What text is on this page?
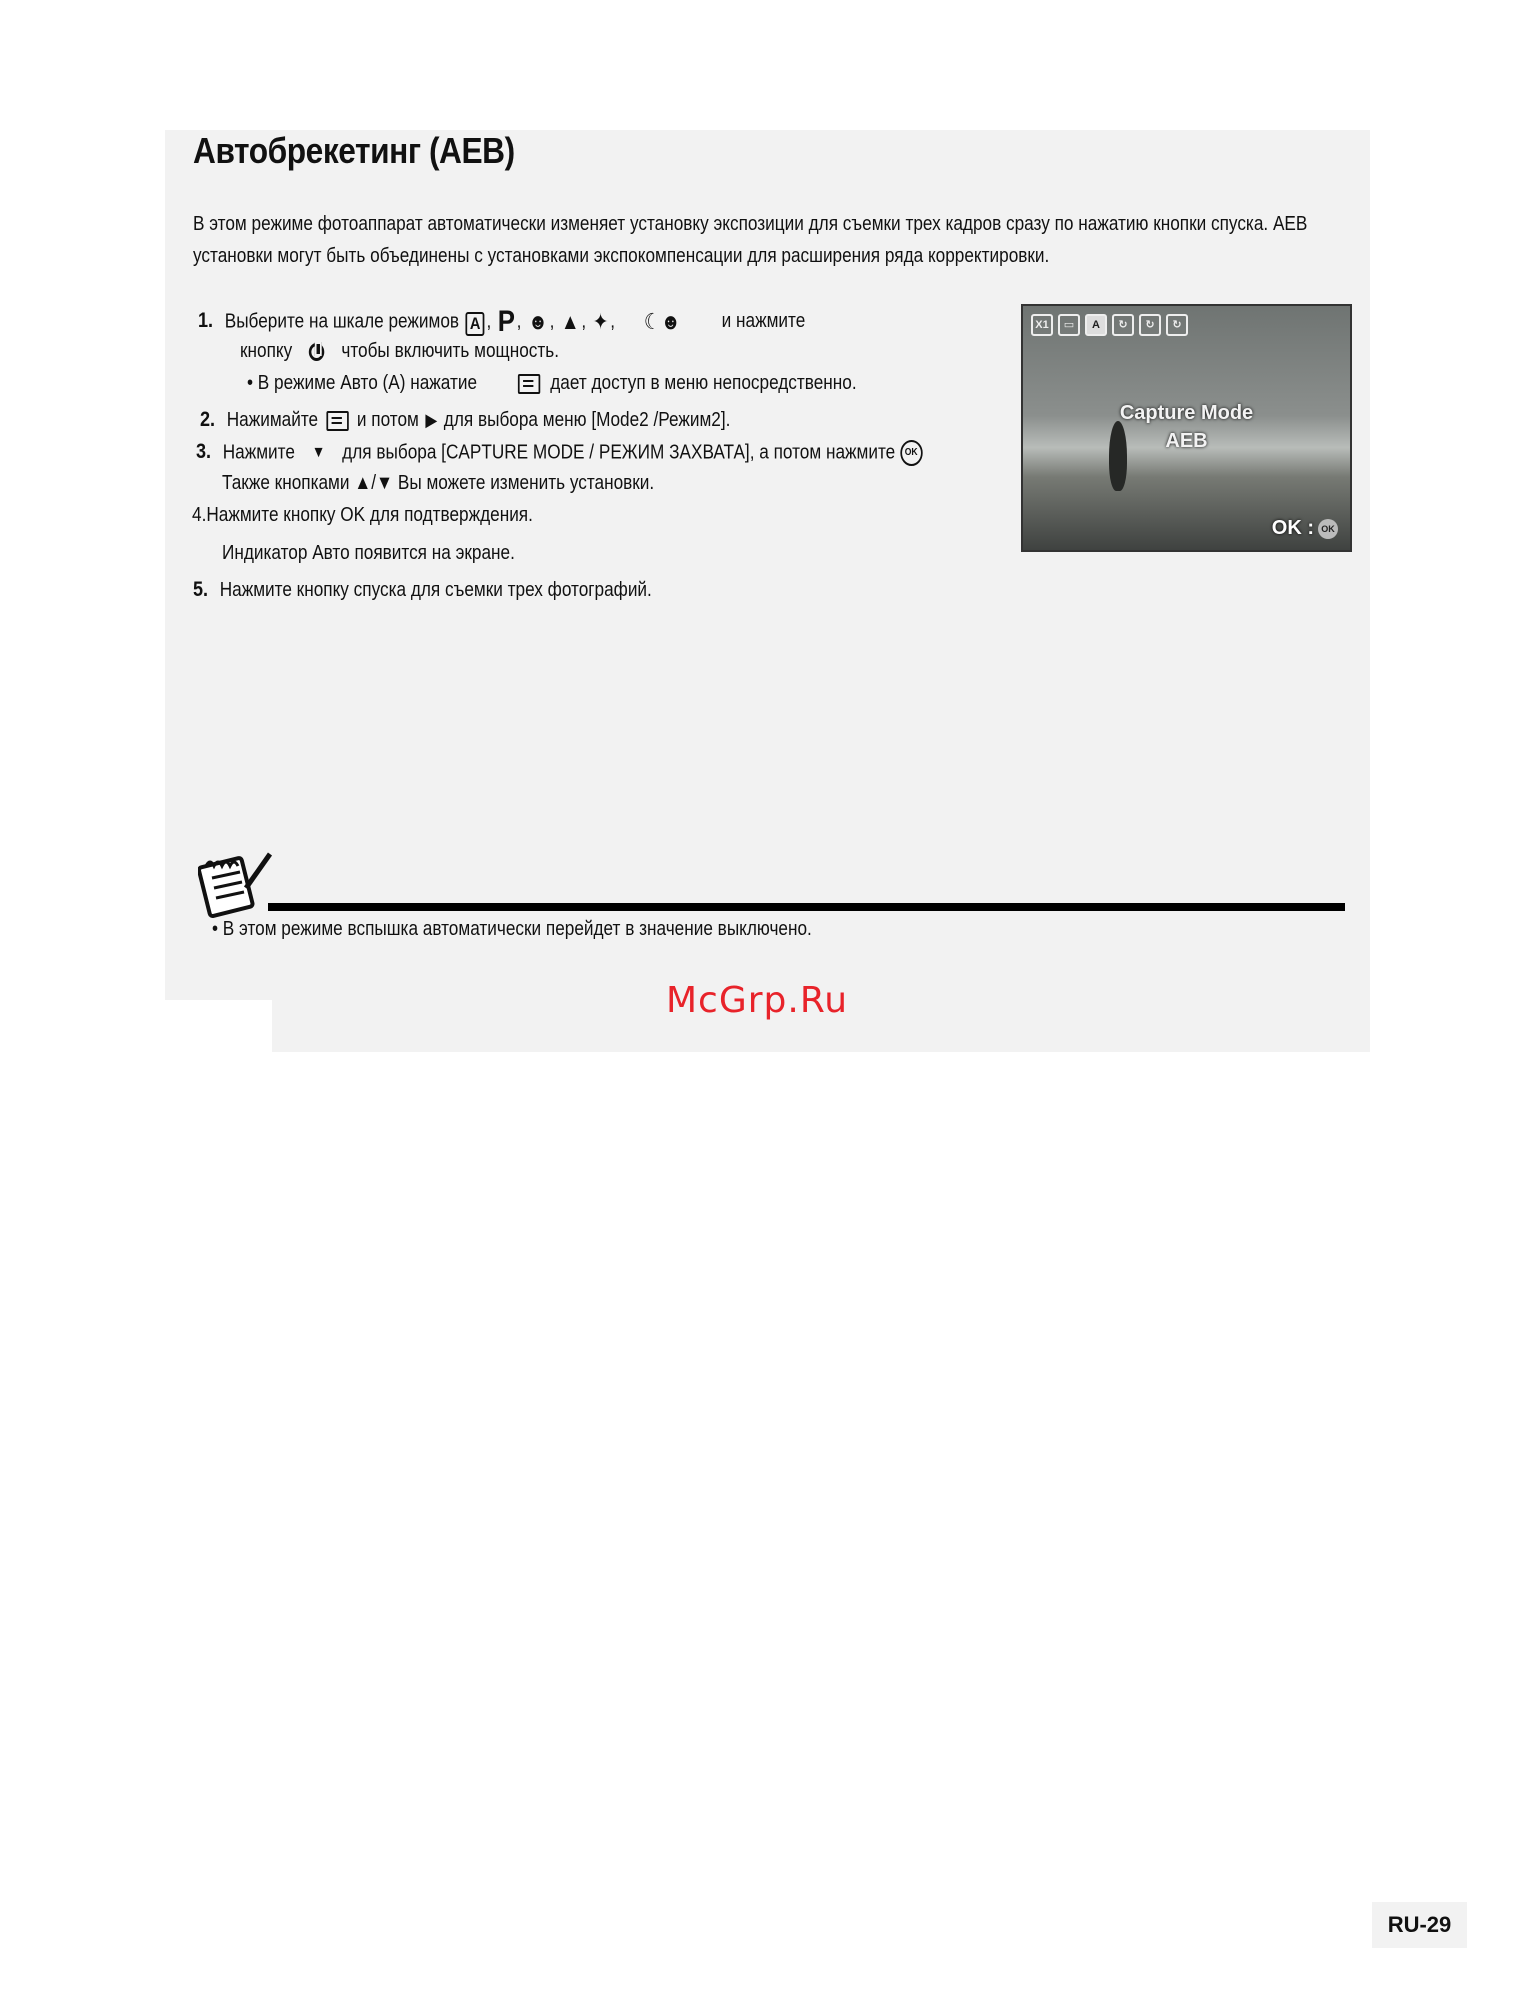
Автобрекетинг (AEB)
В этом режиме фотоаппарат автоматически изменяет установку экспозиции для съемки трех кадров сразу по нажатию кнопки спуска. AEB установки могут быть объединены с установками экспокомпенсации для расширения ряда корректировки.
1. Выберите на шкале режимов A , P, ☻, ▲, ✦, ☾☻ и нажмите
кнопку чтобы включить мощность.
• В режиме Авто (A) нажатие	дает доступ в меню непосредственно.
2. Нажимайте и потом ▶ для выбора меню [Mode2 /Режим2].
3. Нажмите ▼ для выбора [CAPTURE MODE / РЕЖИМ ЗАХВАТА], а потом нажмите OK
Также кнопками ▲/▼ Вы можете изменить установки.
4.Нажмите кнопку OK для подтверждения.
Индикатор Авто появится на экране.
5. Нажмите кнопку спуска для съемки трех фотографий.
X1	▭	A	↻	↻	↻
Capture Mode
AEB
OK : OK
• В этом режиме вспышка автоматически перейдет в значение выключено.
McGrp.Ru
RU-29
